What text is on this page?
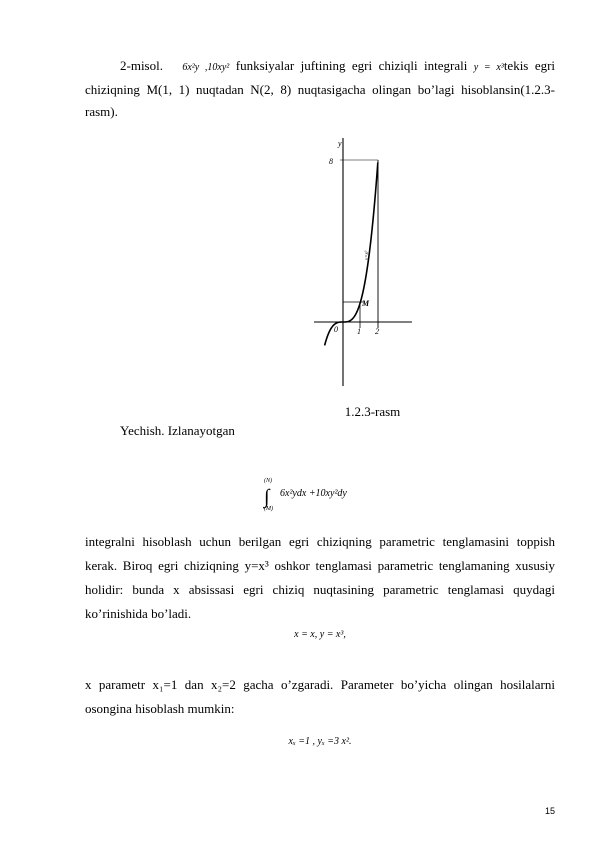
2-misol. 6x²y ,10xy² funksiyalar juftining egri chiziqli integrali y = x³tekis egri chiziqning M(1, 1) nuqtadan N(2, 8) nuqtasigacha olingan bo’lagi hisoblansin(1.2.3-rasm).
y
8
0 1 2
M
y=x³
1.2.3-rasm
Yechish. Izlanayotgan
(N)
∫
(M)
6x²ydx +10xy²dy
integralni hisoblash uchun berilgan egri chiziqning parametric tenglamasini toppish kerak. Biroq egri chiziqning y=x³ oshkor tenglamasi parametric tenglamaning xususiy holidir: bunda x absissasi egri chiziq nuqtasining parametric tenglamasi quydagi ko’rinishida bo’ladi.
x = x, y = x³,
x parametr x₁=1 dan x₂=2 gacha o’zgaradi. Parameter bo’yicha olingan hosilalarni osongina hisoblash mumkin:
xₓ =1 , yₓ =3 x².
15
